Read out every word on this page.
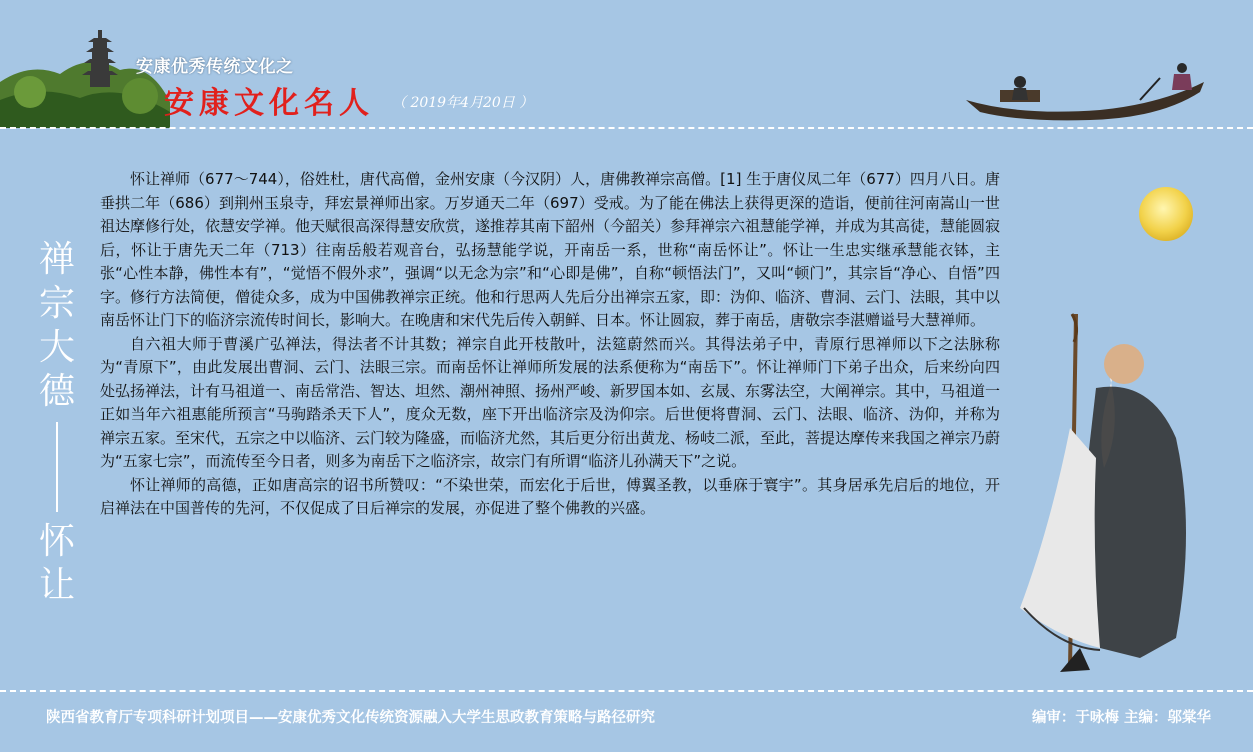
安康优秀传统文化之
安康文化名人 （ 2019年4月20日 ）
禅
宗
大
德
怀
让

怀让禅师（677～744），俗姓杜，唐代高僧，金州安康（今汉阴）人，唐佛教禅宗高僧。[1] 生于唐仪凤二年（677）四月八日。唐垂拱二年（686）到荆州玉泉寺，拜宏景禅师出家。万岁通天二年（697）受戒。为了能在佛法上获得更深的造诣，便前往河南嵩山一世祖达摩修行处，依慧安学禅。他天赋很高深得慧安欣赏，遂推荐其南下韶州（今韶关）参拜禅宗六祖慧能学禅，并成为其高徒，慧能圆寂后，怀让于唐先天二年（713）往南岳般若观音台，弘扬慧能学说，开南岳一系，世称“南岳怀让”。怀让一生忠实继承慧能衣钵，主张“心性本静，佛性本有”，“觉悟不假外求”，强调“以无念为宗”和“心即是佛”，自称“顿悟法门”，又叫“顿门”，其宗旨“净心、自悟”四字。修行方法简便，僧徒众多，成为中国佛教禅宗正统。他和行思两人先后分出禅宗五家，即：沩仰、临济、曹洞、云门、法眼，其中以南岳怀让门下的临济宗流传时间长，影响大。在晚唐和宋代先后传入朝鲜、日本。怀让圆寂，葬于南岳，唐敬宗李湛赠谥号大慧禅师。

自六祖大师于曹溪广弘禅法，得法者不计其数；禅宗自此开枝散叶，法筵蔚然而兴。其得法弟子中，青原行思禅师以下之法脉称为“青原下”，由此发展出曹洞、云门、法眼三宗。而南岳怀让禅师所发展的法系便称为“南岳下”。怀让禅师门下弟子出众，后来纷向四处弘扬禅法，计有马祖道一、南岳常浩、智达、坦然、潮州神照、扬州严峻、新罗国本如、玄晟、东雾法空，大阐禅宗。其中，马祖道一正如当年六祖惠能所预言“马驹踏杀天下人”，度众无数，座下开出临济宗及沩仰宗。后世便将曹洞、云门、法眼、临济、沩仰，并称为禅宗五家。至宋代，五宗之中以临济、云门较为隆盛，而临济尤然，其后更分衍出黄龙、杨岐二派，至此，菩提达摩传来我国之禅宗乃蔚为“五家七宗”，而流传至今日者，则多为南岳下之临济宗，故宗门有所谓“临济儿孙满天下”之说。

怀让禅师的高德，正如唐高宗的诏书所赞叹：“不染世荣，而宏化于后世，傅翼圣教，以垂庥于寰宇”。其身居承先启后的地位，开启禅法在中国普传的先河，不仅促成了日后禅宗的发展，亦促进了整个佛教的兴盛。

陕西省教育厅专项科研计划项目——安康优秀文化传统资源融入大学生思政教育策略与路径研究	编审：于咏梅 主编：邬棠华
